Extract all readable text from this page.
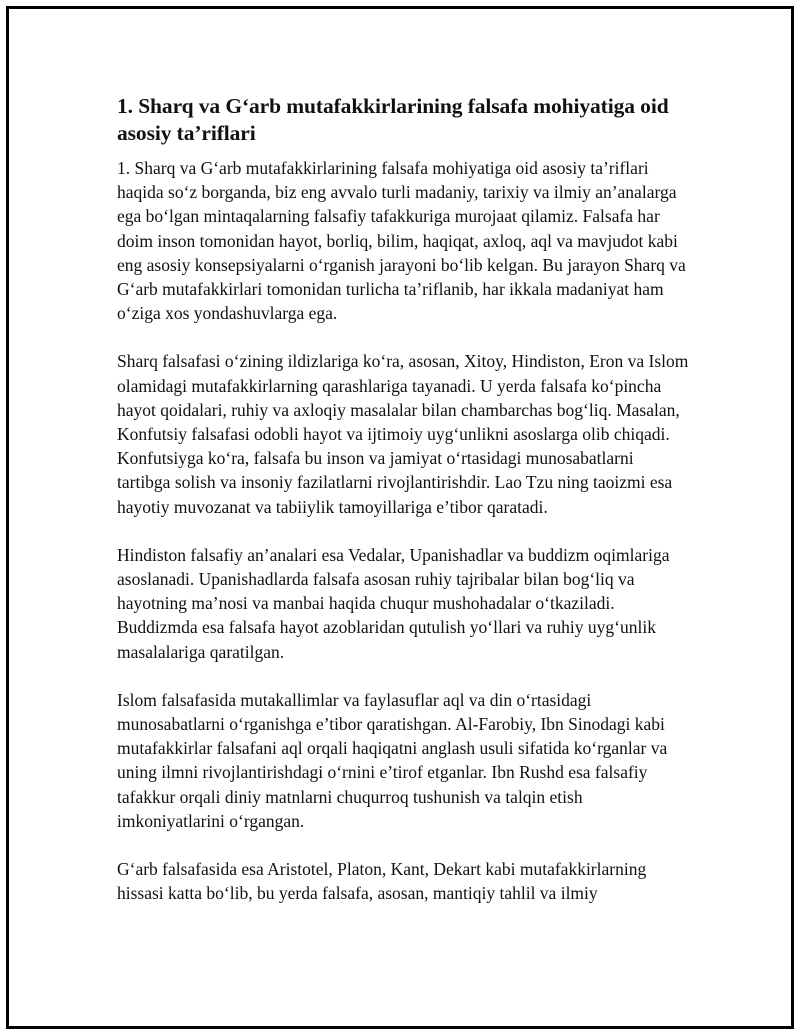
1. Sharq va G‘arb mutafakkirlarining falsafa mohiyatiga oid asosiy ta’riflari

1. Sharq va G‘arb mutafakkirlarining falsafa mohiyatiga oid asosiy ta’riflari haqida so‘z borganda, biz eng avvalo turli madaniy, tarixiy va ilmiy an’analarga ega bo‘lgan mintaqalarning falsafiy tafakkuriga murojaat qilamiz. Falsafa har doim inson tomonidan hayot, borliq, bilim, haqiqat, axloq, aql va mavjudot kabi eng asosiy konsepsiyalarni o‘rganish jarayoni bo‘lib kelgan. Bu jarayon Sharq va G‘arb mutafakkirlari tomonidan turlicha ta’riflanib, har ikkala madaniyat ham o‘ziga xos yondashuvlarga ega.

Sharq falsafasi o‘zining ildizlariga ko‘ra, asosan, Xitoy, Hindiston, Eron va Islom olamidagi mutafakkirlarning qarashlariga tayanadi. U yerda falsafa ko‘pincha hayot qoidalari, ruhiy va axloqiy masalalar bilan chambarchas bog‘liq. Masalan, Konfutsiy falsafasi odobli hayot va ijtimoiy uyg‘unlikni asoslarga olib chiqadi. Konfutsiyga ko‘ra, falsafa bu inson va jamiyat o‘rtasidagi munosabatlarni tartibga solish va insoniy fazilatlarni rivojlantirishdir. Lao Tzu ning taoizmi esa hayotiy muvozanat va tabiiylik tamoyillariga e’tibor qaratadi.

Hindiston falsafiy an’analari esa Vedalar, Upanishadlar va buddizm oqimlariga asoslanadi. Upanishadlarda falsafa asosan ruhiy tajribalar bilan bog‘liq va hayotning ma’nosi va manbai haqida chuqur mushohadalar o‘tkaziladi. Buddizmda esa falsafa hayot azoblaridan qutulish yo‘llari va ruhiy uyg‘unlik masalalariga qaratilgan.

Islom falsafasida mutakallimlar va faylasuflar aql va din o‘rtasidagi munosabatlarni o‘rganishga e’tibor qaratishgan. Al-Farobiy, Ibn Sinodagi kabi mutafakkirlar falsafani aql orqali haqiqatni anglash usuli sifatida ko‘rganlar va uning ilmni rivojlantirishdagi o‘rnini e’tirof etganlar. Ibn Rushd esa falsafiy tafakkur orqali diniy matnlarni chuqurroq tushunish va talqin etish imkoniyatlarini o‘rgangan.

G‘arb falsafasida esa Aristotel, Platon, Kant, Dekart kabi mutafakkirlarning hissasi katta bo‘lib, bu yerda falsafa, asosan, mantiqiy tahlil va ilmiy
